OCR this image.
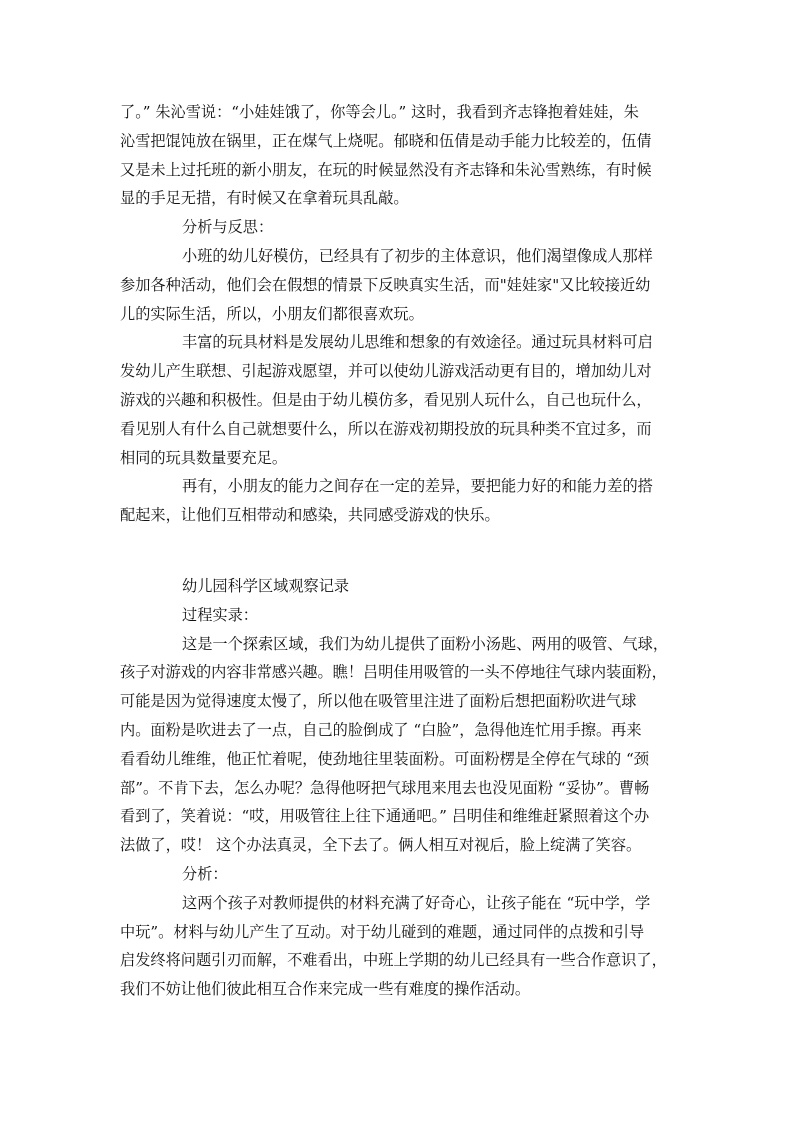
了。” 朱沁雪说：“小娃娃饿了，你等会儿。” 这时，我看到齐志锋抱着娃娃，朱
沁雪把馄饨放在锅里，正在煤气上烧呢。郁晓和伍倩是动手能力比较差的，伍倩
又是未上过托班的新小朋友，在玩的时候显然没有齐志锋和朱沁雪熟练，有时候
显的手足无措，有时候又在拿着玩具乱敲。
分析与反思：
小班的幼儿好模仿，已经具有了初步的主体意识，他们渴望像成人那样
参加各种活动，他们会在假想的情景下反映真实生活，而"娃娃家"又比较接近幼
儿的实际生活，所以，小朋友们都很喜欢玩。
丰富的玩具材料是发展幼儿思维和想象的有效途径。通过玩具材料可启
发幼儿产生联想、引起游戏愿望，并可以使幼儿游戏活动更有目的，增加幼儿对
游戏的兴趣和积极性。但是由于幼儿模仿多，看见别人玩什么，自己也玩什么，
看见别人有什么自己就想要什么，所以在游戏初期投放的玩具种类不宜过多，而
相同的玩具数量要充足。
再有，小朋友的能力之间存在一定的差异，要把能力好的和能力差的搭
配起来，让他们互相带动和感染，共同感受游戏的快乐。
幼儿园科学区域观察记录
过程实录：
这是一个探索区域，我们为幼儿提供了面粉小汤匙、两用的吸管、气球，
孩子对游戏的内容非常感兴趣。瞧！吕明佳用吸管的一头不停地往气球内装面粉，
可能是因为觉得速度太慢了，所以他在吸管里注进了面粉后想把面粉吹进气球
内。面粉是吹进去了一点，自己的脸倒成了 “白脸”，急得他连忙用手擦。再来
看看幼儿维维，他正忙着呢，使劲地往里装面粉。可面粉楞是全停在气球的 “颈
部”。不肯下去，怎么办呢？急得他呀把气球甩来甩去也没见面粉 “妥协”。曹畅
看到了，笑着说：“哎，用吸管往上往下通通吧。” 吕明佳和维维赶紧照着这个办
法做了，哎！ 这个办法真灵，全下去了。俩人相互对视后，脸上绽满了笑容。
分析：
这两个孩子对教师提供的材料充满了好奇心，让孩子能在 “玩中学，学
中玩”。材料与幼儿产生了互动。对于幼儿碰到的难题，通过同伴的点拨和引导
启发终将问题引刃而解，不难看出，中班上学期的幼儿已经具有一些合作意识了，
我们不妨让他们彼此相互合作来完成一些有难度的操作活动。
